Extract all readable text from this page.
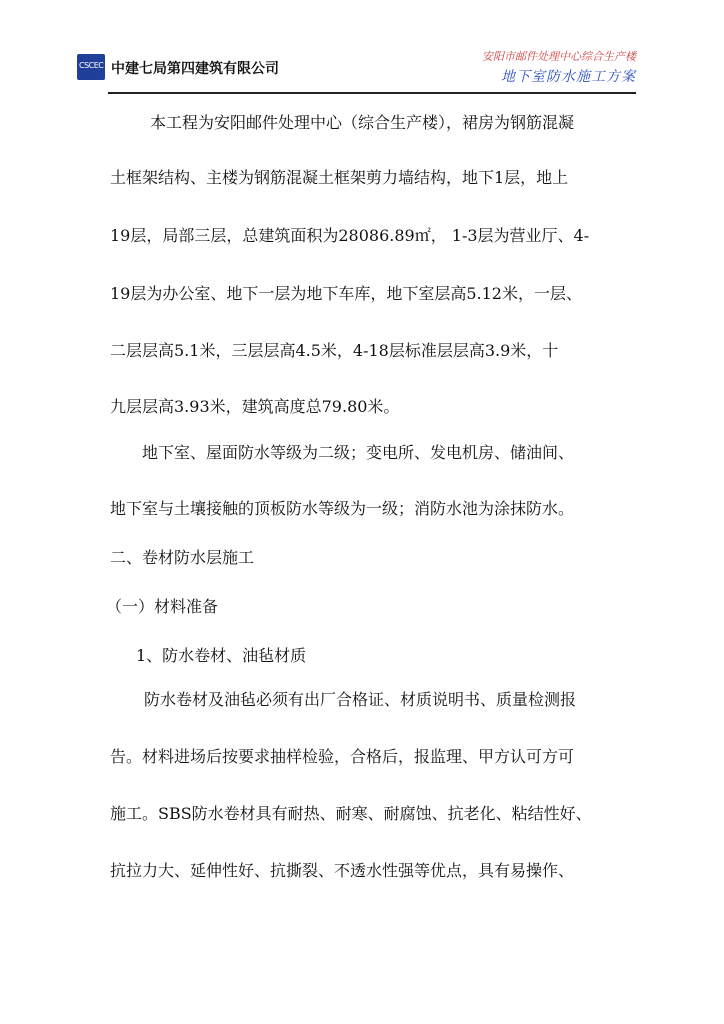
CSCEC 中建七局第四建筑有限公司
安阳市邮件处理中心综合生产楼
地下室防水施工方案
本工程为安阳邮件处理中心（综合生产楼），裙房为钢筋混凝
土框架结构、主楼为钢筋混凝土框架剪力墙结构，地下1层，地上
19层，局部三层，总建筑面积为28086.89㎡， 1-3层为营业厅、4-
19层为办公室、地下一层为地下车库，地下室层高5.12米，一层、
二层层高5.1米，三层层高4.5米，4-18层标准层层高3.9米，十
九层层高3.93米，建筑高度总79.80米。
地下室、屋面防水等级为二级；变电所、发电机房、储油间、
地下室与土壤接触的顶板防水等级为一级；消防水池为涂抹防水。
二、卷材防水层施工
（一）材料准备
1、防水卷材、油毡材质
防水卷材及油毡必须有出厂合格证、材质说明书、质量检测报
告。材料进场后按要求抽样检验，合格后，报监理、甲方认可方可
施工。SBS防水卷材具有耐热、耐寒、耐腐蚀、抗老化、粘结性好、
抗拉力大、延伸性好、抗撕裂、不透水性强等优点，具有易操作、
